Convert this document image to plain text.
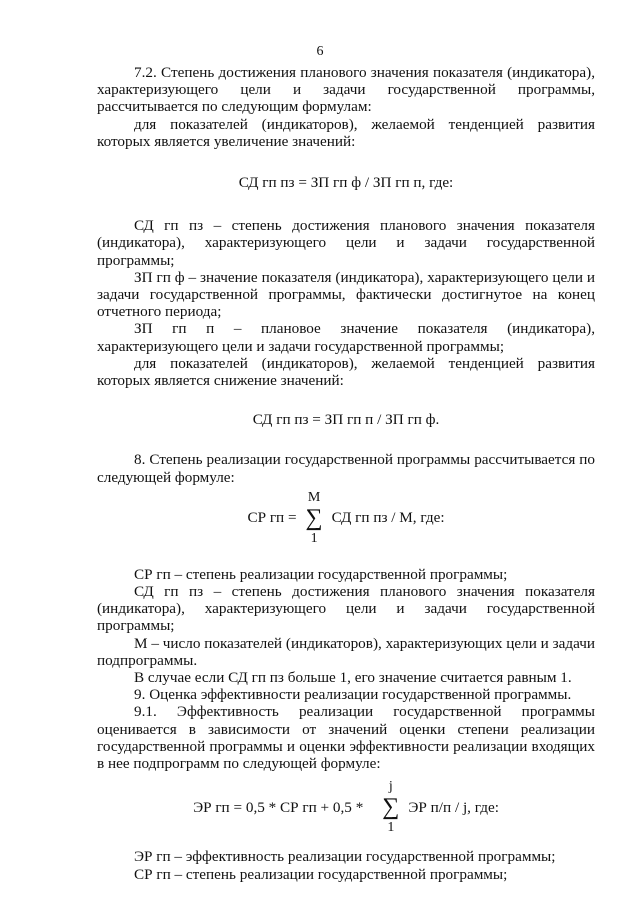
6

7.2. Степень достижения планового значения показателя (индикатора), характеризующего цели и задачи государственной программы, рассчитывается по следующим формулам:

для показателей (индикаторов), желаемой тенденцией развития которых является увеличение значений:

СД гп пз = ЗП гп ф / ЗП гп п, где:

СД гп пз – степень достижения планового значения показателя (индикатора), характеризующего цели и задачи государственной программы;

ЗП гп ф – значение показателя (индикатора), характеризующего цели и задачи государственной программы, фактически достигнутое на конец отчетного периода;

ЗП гп п – плановое значение показателя (индикатора), характеризующего цели и задачи государственной программы;

для показателей (индикаторов), желаемой тенденцией развития которых является снижение значений:

СД гп пз = ЗП гп п / ЗП гп ф.

8. Степень реализации государственной программы рассчитывается по следующей формуле:

СР гп =
М
∑
1
СД гп пз / М, где:

СР гп – степень реализации государственной программы;

СД гп пз – степень достижения планового значения показателя (индикатора), характеризующего цели и задачи государственной программы;

М – число показателей (индикаторов), характеризующих цели и задачи подпрограммы.

В случае если СД гп пз больше 1, его значение считается равным 1.

9. Оценка эффективности реализации государственной программы.

9.1. Эффективность реализации государственной программы оценивается в зависимости от значений оценки степени реализации государственной программы и оценки эффективности реализации входящих в нее подпрограмм по следующей формуле:

ЭР гп = 0,5 * СР гп + 0,5 *
j
∑
1
ЭР п/п / j, где:

ЭР гп – эффективность реализации государственной программы;

СР гп – степень реализации государственной программы;
